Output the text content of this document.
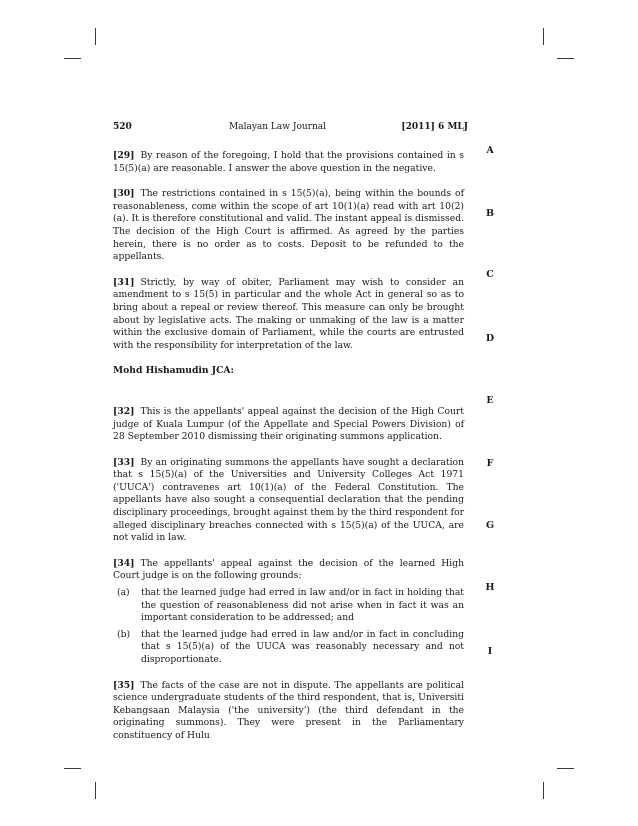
520	Malayan Law Journal	[2011] 6 MLJ

[29] By reason of the foregoing, I hold that the provisions contained in s 15(5)(a) are reasonable. I answer the above question in the negative.

[30] The restrictions contained in s 15(5)(a), being within the bounds of reasonableness, come within the scope of art 10(1)(a) read with art 10(2)(a). It is therefore constitutional and valid. The instant appeal is dismissed. The decision of the High Court is affirmed. As agreed by the parties herein, there is no order as to costs. Deposit to be refunded to the appellants.

[31] Strictly, by way of obiter, Parliament may wish to consider an amendment to s 15(5) in particular and the whole Act in general so as to bring about a repeal or review thereof. This measure can only be brought about by legislative acts. The making or unmaking of the law is a matter within the exclusive domain of Parliament, while the courts are entrusted with the responsibility for interpretation of the law.

Mohd Hishamudin JCA:

[32] This is the appellants' appeal against the decision of the High Court judge of Kuala Lumpur (of the Appellate and Special Powers Division) of 28 September 2010 dismissing their originating summons application.

[33] By an originating summons the appellants have sought a declaration that s 15(5)(a) of the Universities and University Colleges Act 1971 ('UUCA') contravenes art 10(1)(a) of the Federal Constitution. The appellants have also sought a consequential declaration that the pending disciplinary proceedings, brought against them by the third respondent for alleged disciplinary breaches connected with s 15(5)(a) of the UUCA, are not valid in law.

[34] The appellants' appeal against the decision of the learned High Court judge is on the following grounds:

(a) that the learned judge had erred in law and/or in fact in holding that the question of reasonableness did not arise when in fact it was an important consideration to be addressed; and
(b) that the learned judge had erred in law and/or in fact in concluding that s 15(5)(a) of the UUCA was reasonably necessary and not disproportionate.

[35] The facts of the case are not in dispute. The appellants are political science undergraduate students of the third respondent, that is, Universiti Kebangsaan Malaysia ('the university') (the third defendant in the originating summons). They were present in the Parliamentary constituency of Hulu

A
B
C
D
E
F
G
H
I
